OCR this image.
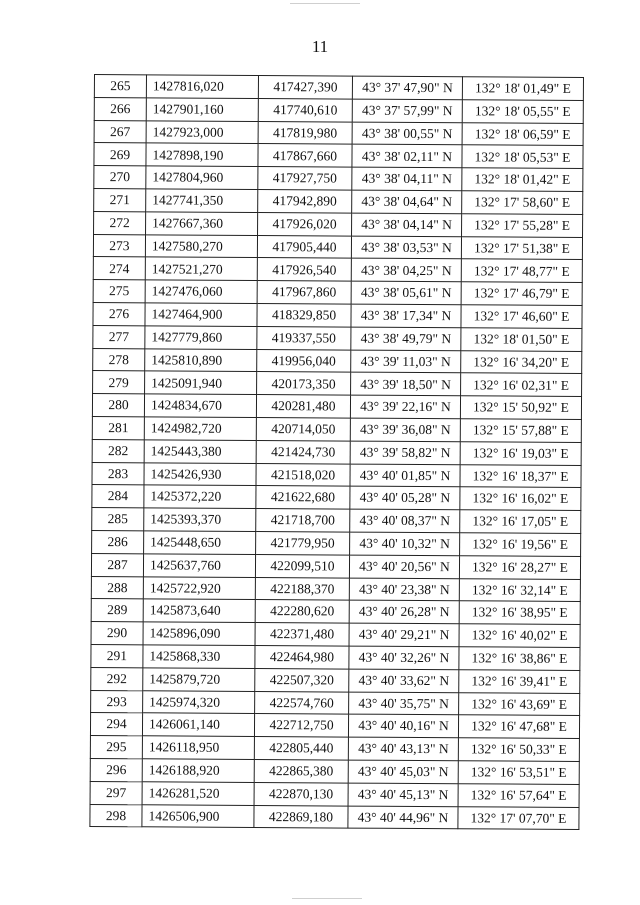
11
265	1427816,020	417427,390	43° 37' 47,90" N	132° 18' 01,49" E
266	1427901,160	417740,610	43° 37' 57,99" N	132° 18' 05,55" E
267	1427923,000	417819,980	43° 38' 00,55" N	132° 18' 06,59" E
269	1427898,190	417867,660	43° 38' 02,11" N	132° 18' 05,53" E
270	1427804,960	417927,750	43° 38' 04,11" N	132° 18' 01,42" E
271	1427741,350	417942,890	43° 38' 04,64" N	132° 17' 58,60" E
272	1427667,360	417926,020	43° 38' 04,14" N	132° 17' 55,28" E
273	1427580,270	417905,440	43° 38' 03,53" N	132° 17' 51,38" E
274	1427521,270	417926,540	43° 38' 04,25" N	132° 17' 48,77" E
275	1427476,060	417967,860	43° 38' 05,61" N	132° 17' 46,79" E
276	1427464,900	418329,850	43° 38' 17,34" N	132° 17' 46,60" E
277	1427779,860	419337,550	43° 38' 49,79" N	132° 18' 01,50" E
278	1425810,890	419956,040	43° 39' 11,03" N	132° 16' 34,20" E
279	1425091,940	420173,350	43° 39' 18,50" N	132° 16' 02,31" E
280	1424834,670	420281,480	43° 39' 22,16" N	132° 15' 50,92" E
281	1424982,720	420714,050	43° 39' 36,08" N	132° 15' 57,88" E
282	1425443,380	421424,730	43° 39' 58,82" N	132° 16' 19,03" E
283	1425426,930	421518,020	43° 40' 01,85" N	132° 16' 18,37" E
284	1425372,220	421622,680	43° 40' 05,28" N	132° 16' 16,02" E
285	1425393,370	421718,700	43° 40' 08,37" N	132° 16' 17,05" E
286	1425448,650	421779,950	43° 40' 10,32" N	132° 16' 19,56" E
287	1425637,760	422099,510	43° 40' 20,56" N	132° 16' 28,27" E
288	1425722,920	422188,370	43° 40' 23,38" N	132° 16' 32,14" E
289	1425873,640	422280,620	43° 40' 26,28" N	132° 16' 38,95" E
290	1425896,090	422371,480	43° 40' 29,21" N	132° 16' 40,02" E
291	1425868,330	422464,980	43° 40' 32,26" N	132° 16' 38,86" E
292	1425879,720	422507,320	43° 40' 33,62" N	132° 16' 39,41" E
293	1425974,320	422574,760	43° 40' 35,75" N	132° 16' 43,69" E
294	1426061,140	422712,750	43° 40' 40,16" N	132° 16' 47,68" E
295	1426118,950	422805,440	43° 40' 43,13" N	132° 16' 50,33" E
296	1426188,920	422865,380	43° 40' 45,03" N	132° 16' 53,51" E
297	1426281,520	422870,130	43° 40' 45,13" N	132° 16' 57,64" E
298	1426506,900	422869,180	43° 40' 44,96" N	132° 17' 07,70" E
